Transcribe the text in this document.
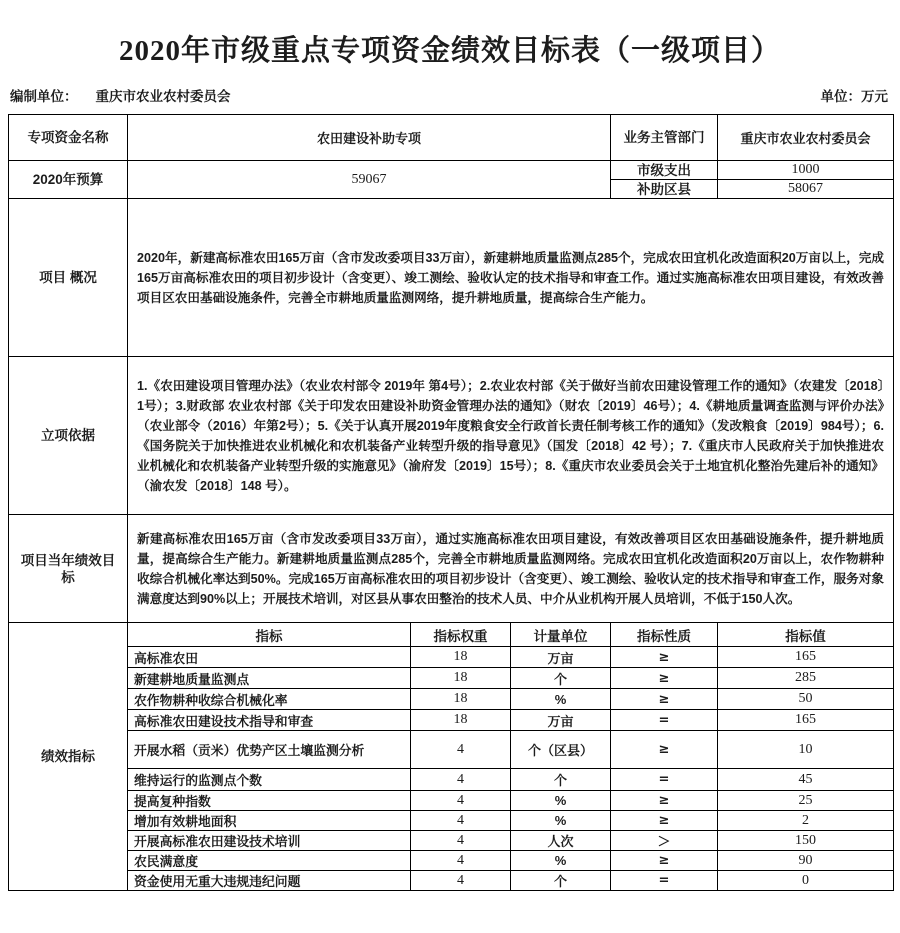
2020年市级重点专项资金绩效目标表（一级项目）
编制单位： 重庆市农业农村委员会	单位：万元
专项资金名称	农田建设补助专项	业务主管部门	重庆市农业农村委员会
2020年预算	59067	市级支出	1000
		补助区县	58067
项目 概况	2020年，新建高标准农田165万亩（含市发改委项目33万亩），新建耕地质量监测点285个，完成农田宜机化改造面积20万亩以上，完成165万亩高标准农田的项目初步设计（含变更）、竣工测绘、验收认定的技术指导和审查工作。通过实施高标准农田项目建设，有效改善项目区农田基础设施条件，完善全市耕地质量监测网络，提升耕地质量，提高综合生产能力。
立项依据	1.《农田建设项目管理办法》（农业农村部令 2019年 第4号）；2.农业农村部《关于做好当前农田建设管理工作的通知》（农建发〔2018〕1号）；3.财政部 农业农村部《关于印发农田建设补助资金管理办法的通知》（财农〔2019〕46号）；4.《耕地质量调查监测与评价办法》（农业部令（2016）年第2号）；5.《关于认真开展2019年度粮食安全行政首长责任制考核工作的通知》（发改粮食〔2019〕984号）；6.《国务院关于加快推进农业机械化和农机装备产业转型升级的指导意见》（国发〔2018〕42 号）；7.《重庆市人民政府关于加快推进农业机械化和农机装备产业转型升级的实施意见》（渝府发〔2019〕15号）；8.《重庆市农业委员会关于土地宜机化整治先建后补的通知》（渝农发〔2018〕148 号）。
项目当年绩效目标	新建高标准农田165万亩（含市发改委项目33万亩），通过实施高标准农田项目建设，有效改善项目区农田基础设施条件，提升耕地质量，提高综合生产能力。新建耕地质量监测点285个，完善全市耕地质量监测网络。完成农田宜机化改造面积20万亩以上，农作物耕种收综合机械化率达到50%。完成165万亩高标准农田的项目初步设计（含变更）、竣工测绘、验收认定的技术指导和审查工作，服务对象满意度达到90%以上；开展技术培训，对区县从事农田整治的技术人员、中介从业机构开展人员培训，不低于150人次。
绩效指标	指标	指标权重	计量单位	指标性质	指标值
	高标准农田	18	万亩	≥	165
	新建耕地质量监测点	18	个	≥	285
	农作物耕种收综合机械化率	18	%	≥	50
	高标准农田建设技术指导和审查	18	万亩	=	165
	开展水稻（贡米）优势产区土壤监测分析	4	个（区县）	≥	10
	维持运行的监测点个数	4	个	=	45
	提高复种指数	4	%	≥	25
	增加有效耕地面积	4	%	≥	2
	开展高标准农田建设技术培训	4	人次	＞	150
	农民满意度	4	%	≥	90
	资金使用无重大违规违纪问题	4	个	=	0
